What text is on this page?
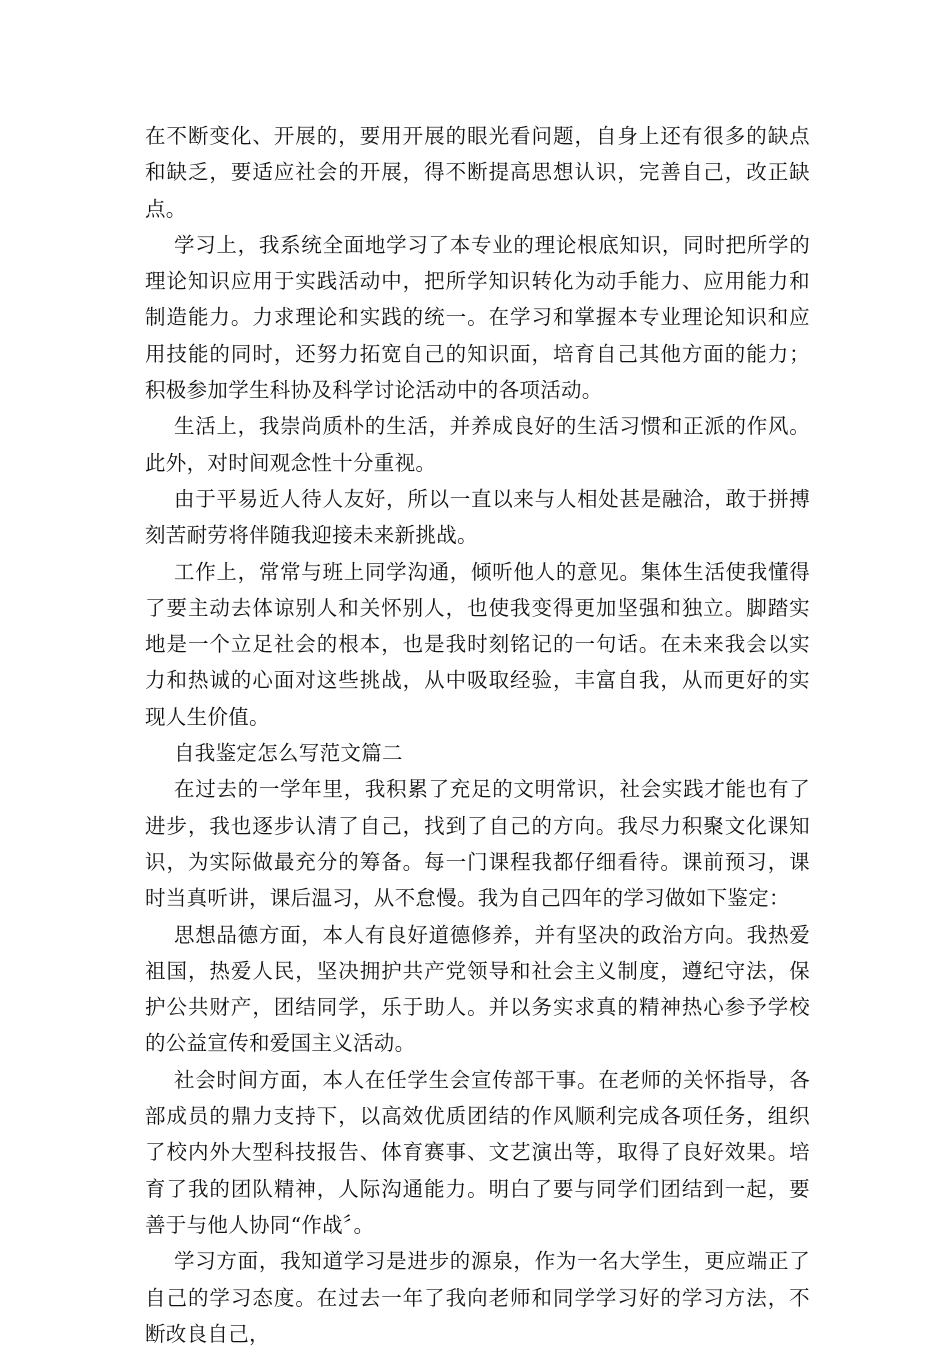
在不断变化、开展的，要用开展的眼光看问题，自身上还有很多的缺点和缺乏，要适应社会的开展，得不断提高思想认识，完善自己，改正缺点。

学习上，我系统全面地学习了本专业的理论根底知识，同时把所学的理论知识应用于实践活动中，把所学知识转化为动手能力、应用能力和制造能力。力求理论和实践的统一。在学习和掌握本专业理论知识和应用技能的同时，还努力拓宽自己的知识面，培育自己其他方面的能力；积极参加学生科协及科学讨论活动中的各项活动。

生活上，我崇尚质朴的生活，并养成良好的生活习惯和正派的作风。此外，对时间观念性十分重视。

由于平易近人待人友好，所以一直以来与人相处甚是融洽，敢于拼搏刻苦耐劳将伴随我迎接未来新挑战。

工作上，常常与班上同学沟通，倾听他人的意见。集体生活使我懂得了要主动去体谅别人和关怀别人，也使我变得更加坚强和独立。脚踏实地是一个立足社会的根本，也是我时刻铭记的一句话。在未来我会以实力和热诚的心面对这些挑战，从中吸取经验，丰富自我，从而更好的实现人生价值。

自我鉴定怎么写范文篇二

在过去的一学年里，我积累了充足的文明常识，社会实践才能也有了进步，我也逐步认清了自己，找到了自己的方向。我尽力积聚文化课知识，为实际做最充分的筹备。每一门课程我都仔细看待。课前预习，课时当真听讲，课后温习，从不怠慢。我为自己四年的学习做如下鉴定：

思想品德方面，本人有良好道德修养，并有坚决的政治方向。我热爱祖国，热爱人民，坚决拥护共产党领导和社会主义制度，遵纪守法，保护公共财产，团结同学，乐于助人。并以务实求真的精神热心参予学校的公益宣传和爱国主义活动。

社会时间方面，本人在任学生会宣传部干事。在老师的关怀指导，各部成员的鼎力支持下，以高效优质团结的作风顺利完成各项任务，组织了校内外大型科技报告、体育赛事、文艺演出等，取得了良好效果。培育了我的团队精神，人际沟通能力。明白了要与同学们团结到一起，要善于与他人协同“作战〞。

学习方面，我知道学习是进步的源泉，作为一名大学生，更应端正了自己的学习态度。在过去一年了我向老师和同学学习好的学习方法，不断改良自己，
